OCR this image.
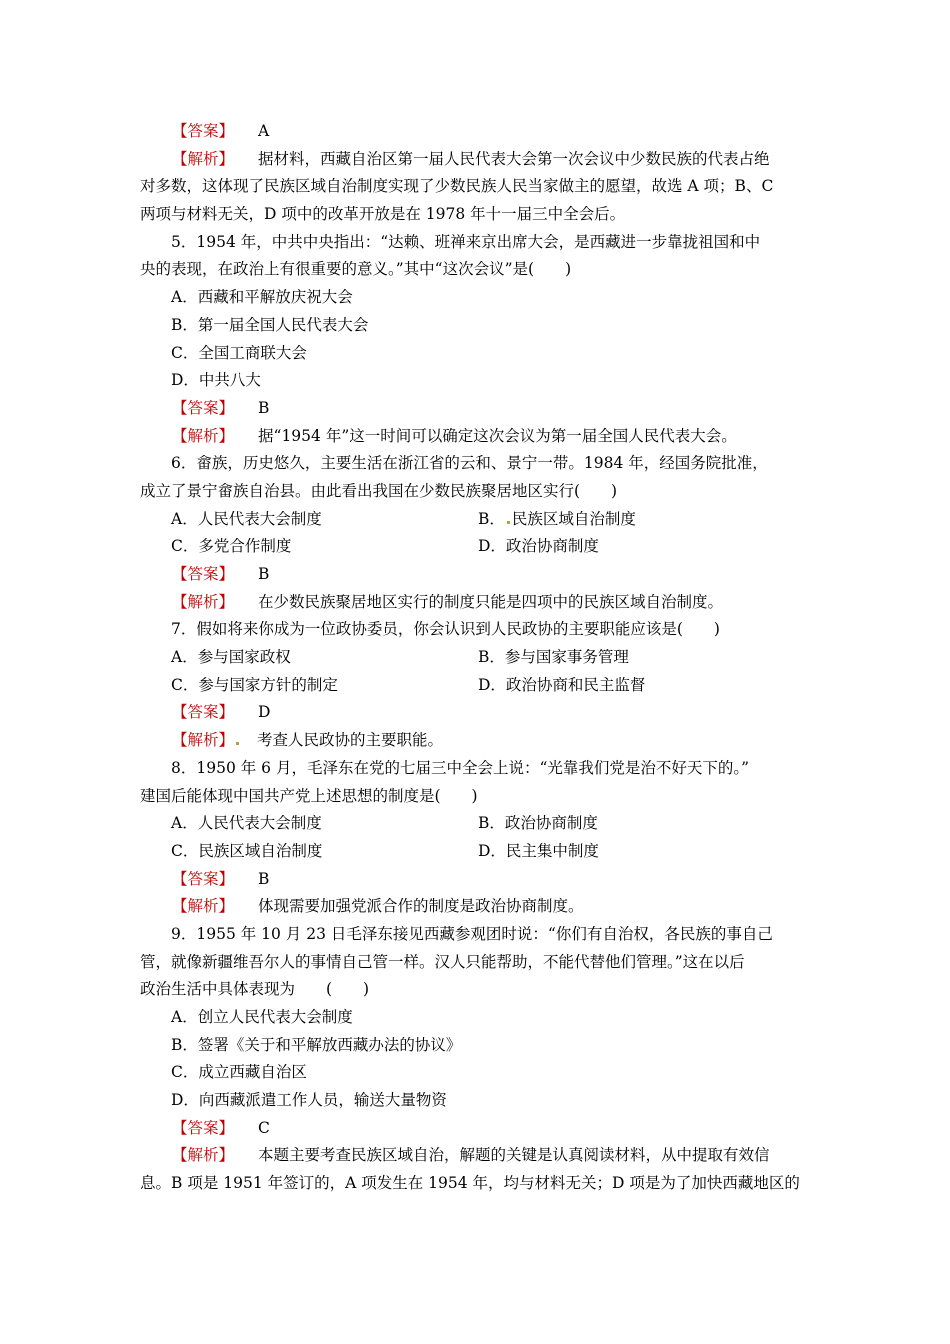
【答案】 A
【解析】 据材料，西藏自治区第一届人民代表大会第一次会议中少数民族的代表占绝
对多数，这体现了民族区域自治制度实现了少数民族人民当家做主的愿望，故选 A 项；B、C
两项与材料无关，D 项中的改革开放是在 1978 年十一届三中全会后。
5．1954 年，中共中央指出：“达赖、班禅来京出席大会，是西藏进一步靠拢祖国和中
央的表现，在政治上有很重要的意义。”其中“这次会议”是(　　)
A．西藏和平解放庆祝大会
B．第一届全国人民代表大会
C．全国工商联大会
D．中共八大
【答案】 B
【解析】 据“1954 年”这一时间可以确定这次会议为第一届全国人民代表大会。
6．畲族，历史悠久，主要生活在浙江省的云和、景宁一带。1984 年，经国务院批准，
成立了景宁畲族自治县。由此看出我国在少数民族聚居地区实行(　　)
A．人民代表大会制度	B． 民族区域自治制度
C．多党合作制度	D．政治协商制度
【答案】 B
【解析】 在少数民族聚居地区实行的制度只能是四项中的民族区域自治制度。
7．假如将来你成为一位政协委员，你会认识到人民政协的主要职能应该是(　　)
A．参与国家政权	B．参与国家事务管理
C．参与国家方针的制定	D．政治协商和民主监督
【答案】 D
【解析】 考查人民政协的主要职能。
8．1950 年 6 月，毛泽东在党的七届三中全会上说：“光靠我们党是治不好天下的。”
建国后能体现中国共产党上述思想的制度是(　　)
A．人民代表大会制度	B．政治协商制度
C．民族区域自治制度	D．民主集中制度
【答案】 B
【解析】 体现需要加强党派合作的制度是政治协商制度。
9．1955 年 10 月 23 日毛泽东接见西藏参观团时说：“你们有自治权，各民族的事自己
管，就像新疆维吾尔人的事情自己管一样。汉人只能帮助，不能代替他们管理。”这在以后
政治生活中具体表现为　　(　　)
A．创立人民代表大会制度
B．签署《关于和平解放西藏办法的协议》
C．成立西藏自治区
D．向西藏派遣工作人员，输送大量物资
【答案】 C
【解析】 本题主要考查民族区域自治，解题的关键是认真阅读材料，从中提取有效信
息。B 项是 1951 年签订的，A 项发生在 1954 年，均与材料无关；D 项是为了加快西藏地区的
